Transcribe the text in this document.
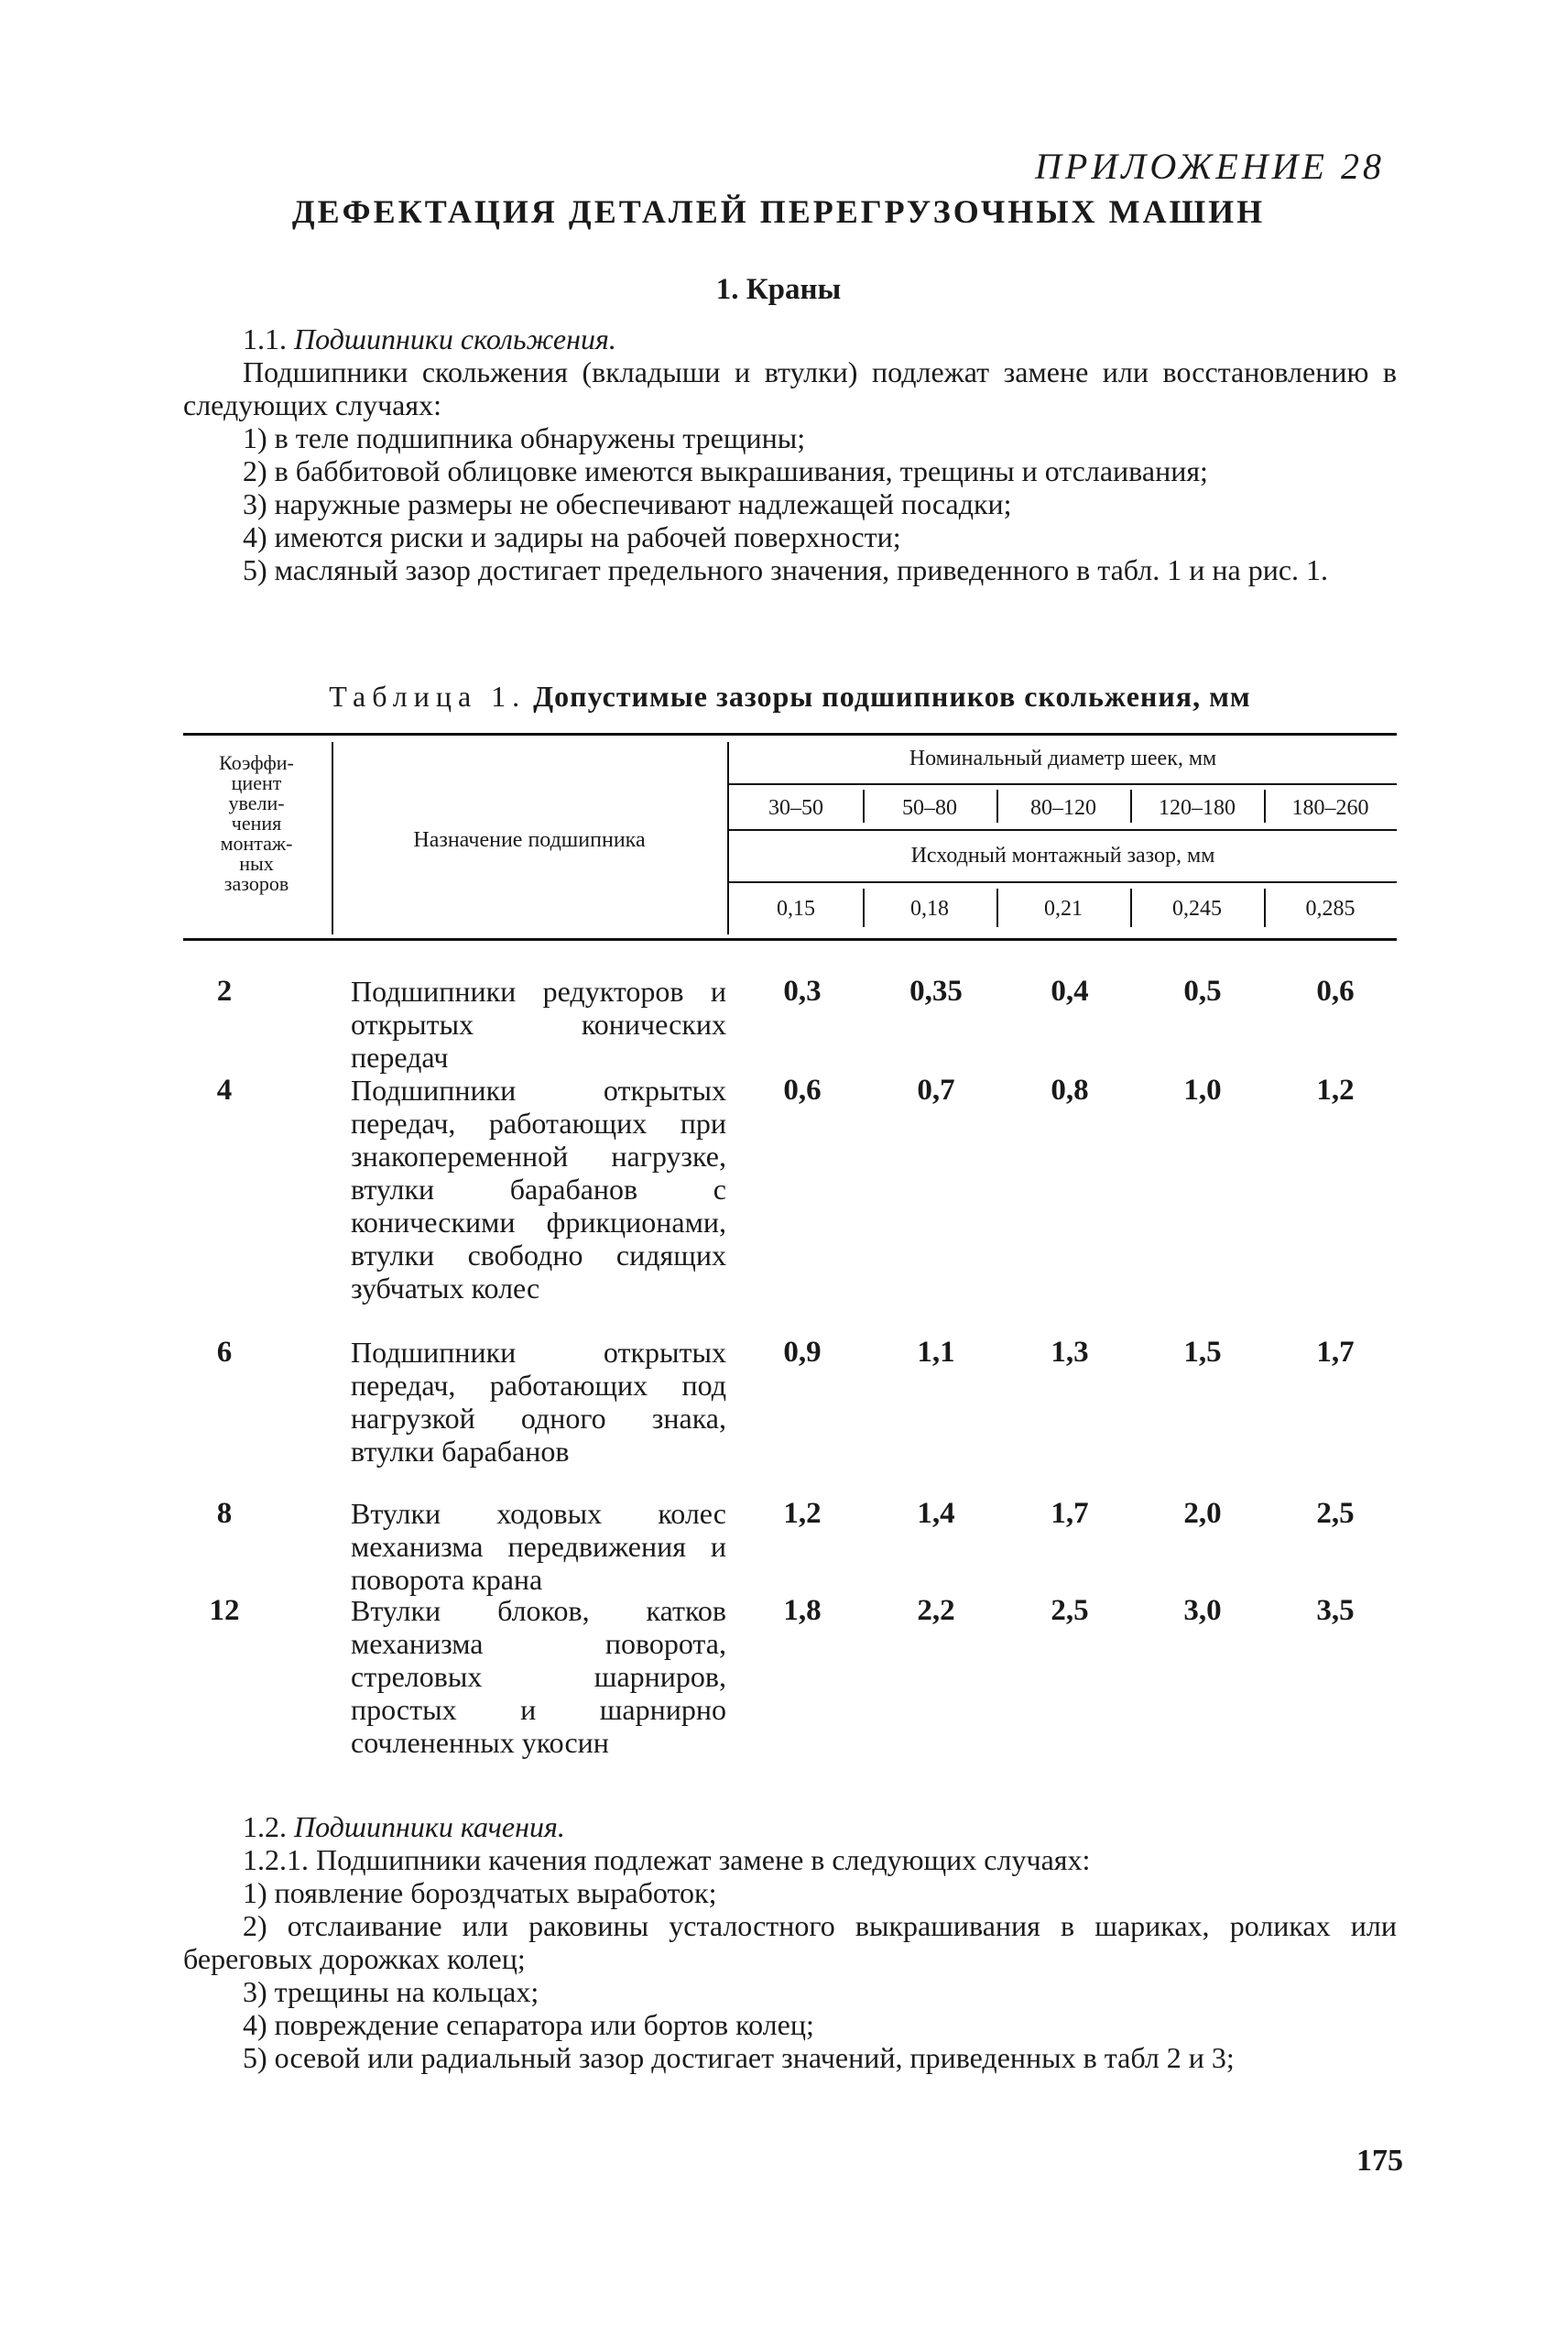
ПРИЛОЖЕНИЕ 28
ДЕФЕКТАЦИЯ ДЕТАЛЕЙ ПЕРЕГРУЗОЧНЫХ МАШИН
1. Краны

1.1. Подшипники скольжения.

Подшипники скольжения (вкладыши и втулки) подлежат замене или восстановлению в следующих случаях:

1) в теле подшипника обнаружены трещины;

2) в баббитовой облицовке имеются выкрашивания, трещины и отслаивания;

3) наружные размеры не обеспечивают надлежащей посадки;

4) имеются риски и задиры на рабочей поверхности;

5) масляный зазор достигает предельного значения, приведенного в табл. 1 и на рис. 1.

Таблица 1. Допустимые зазоры подшипников скольжения, мм
Коэффи-
циент
увели-
чения
монтаж-
ных
зазоров
Назначение подшипника
Номинальный диаметр шеек, мм
30–50	50–80	80–120	120–180	180–260
Исходный монтажный зазор, мм
0,15	0,18	0,21	0,245	0,285
2	Подшипники редукторов и открытых конических передач
0,3	0,35	0,4	0,5	0,6
4	Подшипники открытых передач, работающих при знакопеременной нагрузке, втулки барабанов с коническими фрикционами, втулки свободно сидящих зубчатых колес
0,6	0,7	0,8	1,0	1,2
6	Подшипники открытых передач, работающих под нагрузкой одного знака, втулки барабанов
0,9	1,1	1,3	1,5	1,7
8	Втулки ходовых колес механизма передвижения и поворота крана
1,2	1,4	1,7	2,0	2,5
12	Втулки блоков, катков механизма поворота, стреловых шарниров, простых и шарнирно сочлененных укосин
1,8	2,2	2,5	3,0	3,5

1.2. Подшипники качения.

1.2.1. Подшипники качения подлежат замене в следующих случаях:

1) появление бороздчатых выработок;

2) отслаивание или раковины усталостного выкрашивания в шариках, роликах или береговых дорожках колец;

3) трещины на кольцах;

4) повреждение сепаратора или бортов колец;

5) осевой или радиальный зазор достигает значений, приведенных в табл 2 и 3;

175
